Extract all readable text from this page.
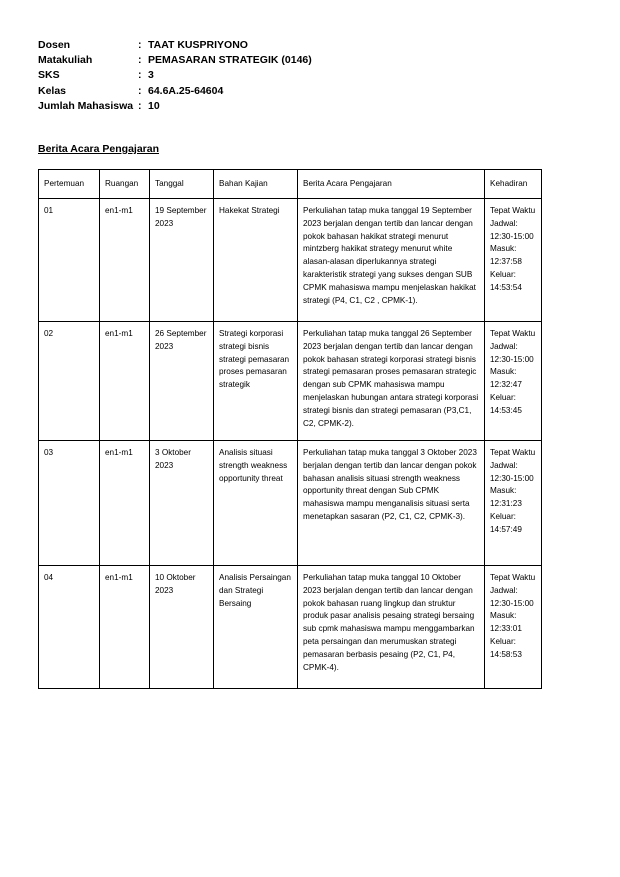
Dosen	: TAAT KUSPRIYONO
Matakuliah	: PEMASARAN STRATEGIK (0146)
SKS	: 3
Kelas	: 64.6A.25-64604
Jumlah Mahasiswa : 10
Berita Acara Pengajaran
Pertemuan	Ruangan	Tanggal	Bahan Kajian	Berita Acara Pengajaran	Kehadiran
01	en1-m1	19 September 2023	Hakekat Strategi	Perkuliahan tatap muka tanggal 19 September 2023 berjalan dengan tertib dan lancar dengan pokok bahasan hakikat strategi menurut mintzberg hakikat strategy menurut white alasan-alasan diperlukannya strategi karakteristik strategi yang sukses dengan SUB CPMK mahasiswa mampu menjelaskan hakikat strategi (P4, C1, C2 , CPMK-1).	Tepat Waktu Jadwal: 12:30-15:00 Masuk: 12:37:58 Keluar: 14:53:54
02	en1-m1	26 September 2023	Strategi korporasi strategi bisnis strategi pemasaran proses pemasaran strategik	Perkuliahan tatap muka tanggal 26 September 2023 berjalan dengan tertib dan lancar dengan pokok bahasan strategi korporasi strategi bisnis strategi pemasaran proses pemasaran strategic dengan sub CPMK mahasiswa mampu menjelaskan hubungan antara strategi korporasi strategi bisnis dan strategi pemasaran (P3,C1, C2, CPMK-2).	Tepat Waktu Jadwal: 12:30-15:00 Masuk: 12:32:47 Keluar: 14:53:45
03	en1-m1	3 Oktober 2023	Analisis situasi strength weakness opportunity threat	Perkuliahan tatap muka tanggal 3 Oktober 2023 berjalan dengan tertib dan lancar dengan pokok bahasan analisis situasi strength weakness opportunity threat dengan Sub CPMK mahasiswa mampu menganalisis situasi serta menetapkan sasaran (P2, C1, C2, CPMK-3).	Tepat Waktu Jadwal: 12:30-15:00 Masuk: 12:31:23 Keluar: 14:57:49
04	en1-m1	10 Oktober 2023	Analisis Persaingan dan Strategi Bersaing	Perkuliahan tatap muka tanggal 10 Oktober 2023 berjalan dengan tertib dan lancar dengan pokok bahasan ruang lingkup dan struktur produk pasar analisis pesaing strategi bersaing sub cpmk mahasiswa mampu menggambarkan peta persaingan dan merumuskan strategi pemasaran berbasis pesaing (P2, C1, P4, CPMK-4).	Tepat Waktu Jadwal: 12:30-15:00 Masuk: 12:33:01 Keluar: 14:58:53
